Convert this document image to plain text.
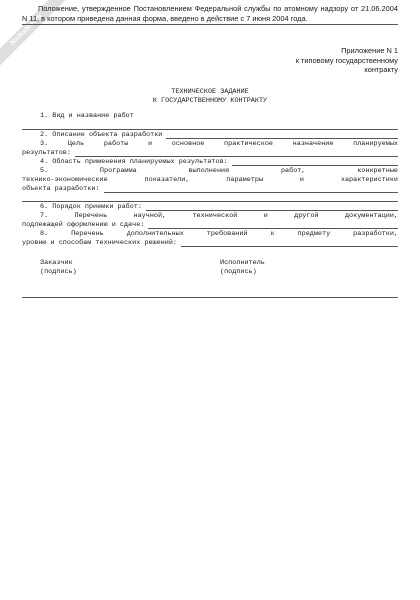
NoNaMe.ru
Положение, утвержденное Постановлением Федеральной службы по атомному надзору от 21.06.2004 N 11, в котором приведена данная форма, введено в действие с 7 июня 2004 года.
Приложение N 1
к типовому государственному
контракту
ТЕХНИЧЕСКОЕ ЗАДАНИЕ
К ГОСУДАРСТВЕННОМУ КОНТРАКТУ
1. Вид и название работ
2. Описание объекта разработки
3. Цель работы и основное практическое назначение планируемых
результатов:
4. Область применения планируемых результатов:
5. Программа выполнения работ, конкретные
технико-экономические показатели, параметры и характеристики
объекта разработки:
6. Порядок приемки работ:
7. Перечень научной, технической и другой документации,
подлежащей оформлению и сдаче:
8. Перечень дополнительных требований к предмету разработки,
уровню и способам технических решений:
Заказчик
(подпись)
Исполнитель
(подпись)
